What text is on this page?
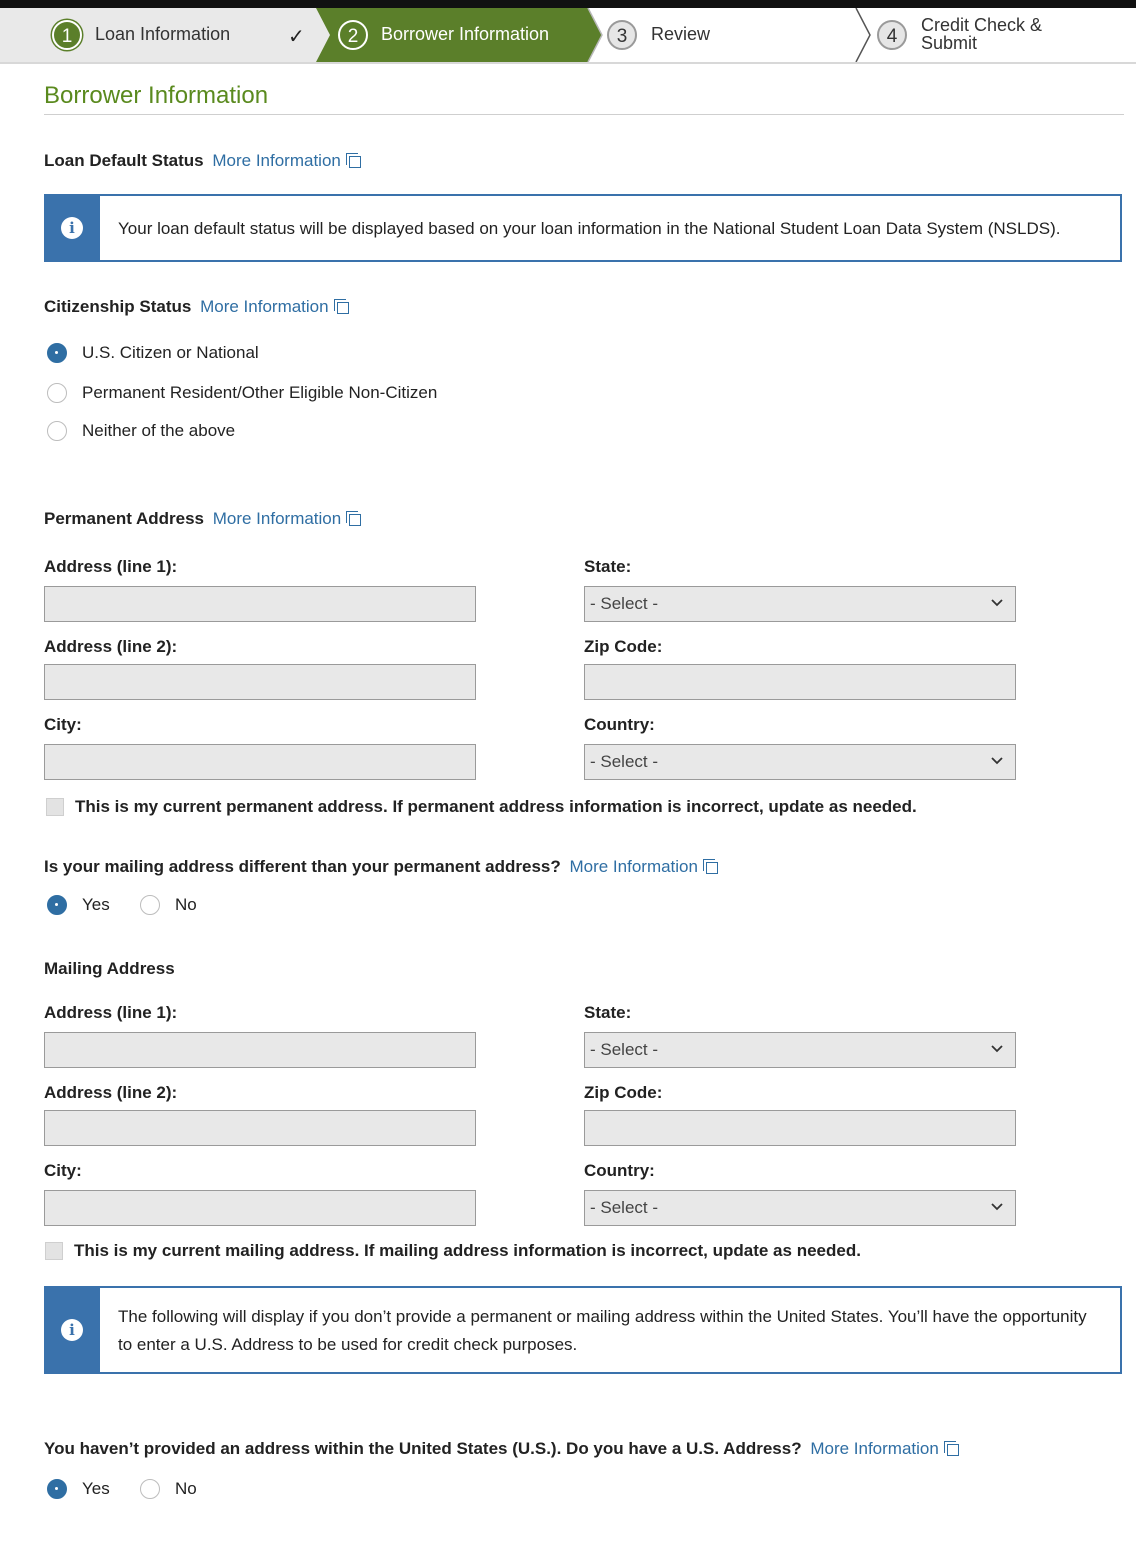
1	Loan Information	✓	2	Borrower Information	3	Review	4
Credit Check &
Submit
Borrower Information
Loan Default Status More Information
i	Your loan default status will be displayed based on your loan information in the National Student Loan Data System (NSLDS).
Citizenship Status More Information
U.S. Citizen or National
Permanent Resident/Other Eligible Non-Citizen
Neither of the above
Permanent Address More Information
Address (line 1):
Address (line 2):
City:
State:
- Select -
Zip Code:
Country:
- Select -
This is my current permanent address. If permanent address information is incorrect, update as needed.
Is your mailing address different than your permanent address? More Information
Yes	No
Mailing Address
Address (line 1):
Address (line 2):
City:
State:
- Select -
Zip Code:
Country:
- Select -
This is my current mailing address. If mailing address information is incorrect, update as needed.
i
The following will display if you don’t provide a permanent or mailing address within the United States. You’ll have the opportunity to enter a U.S. Address to be used for credit check purposes.
You haven’t provided an address within the United States (U.S.). Do you have a U.S. Address? More Information
Yes	No
